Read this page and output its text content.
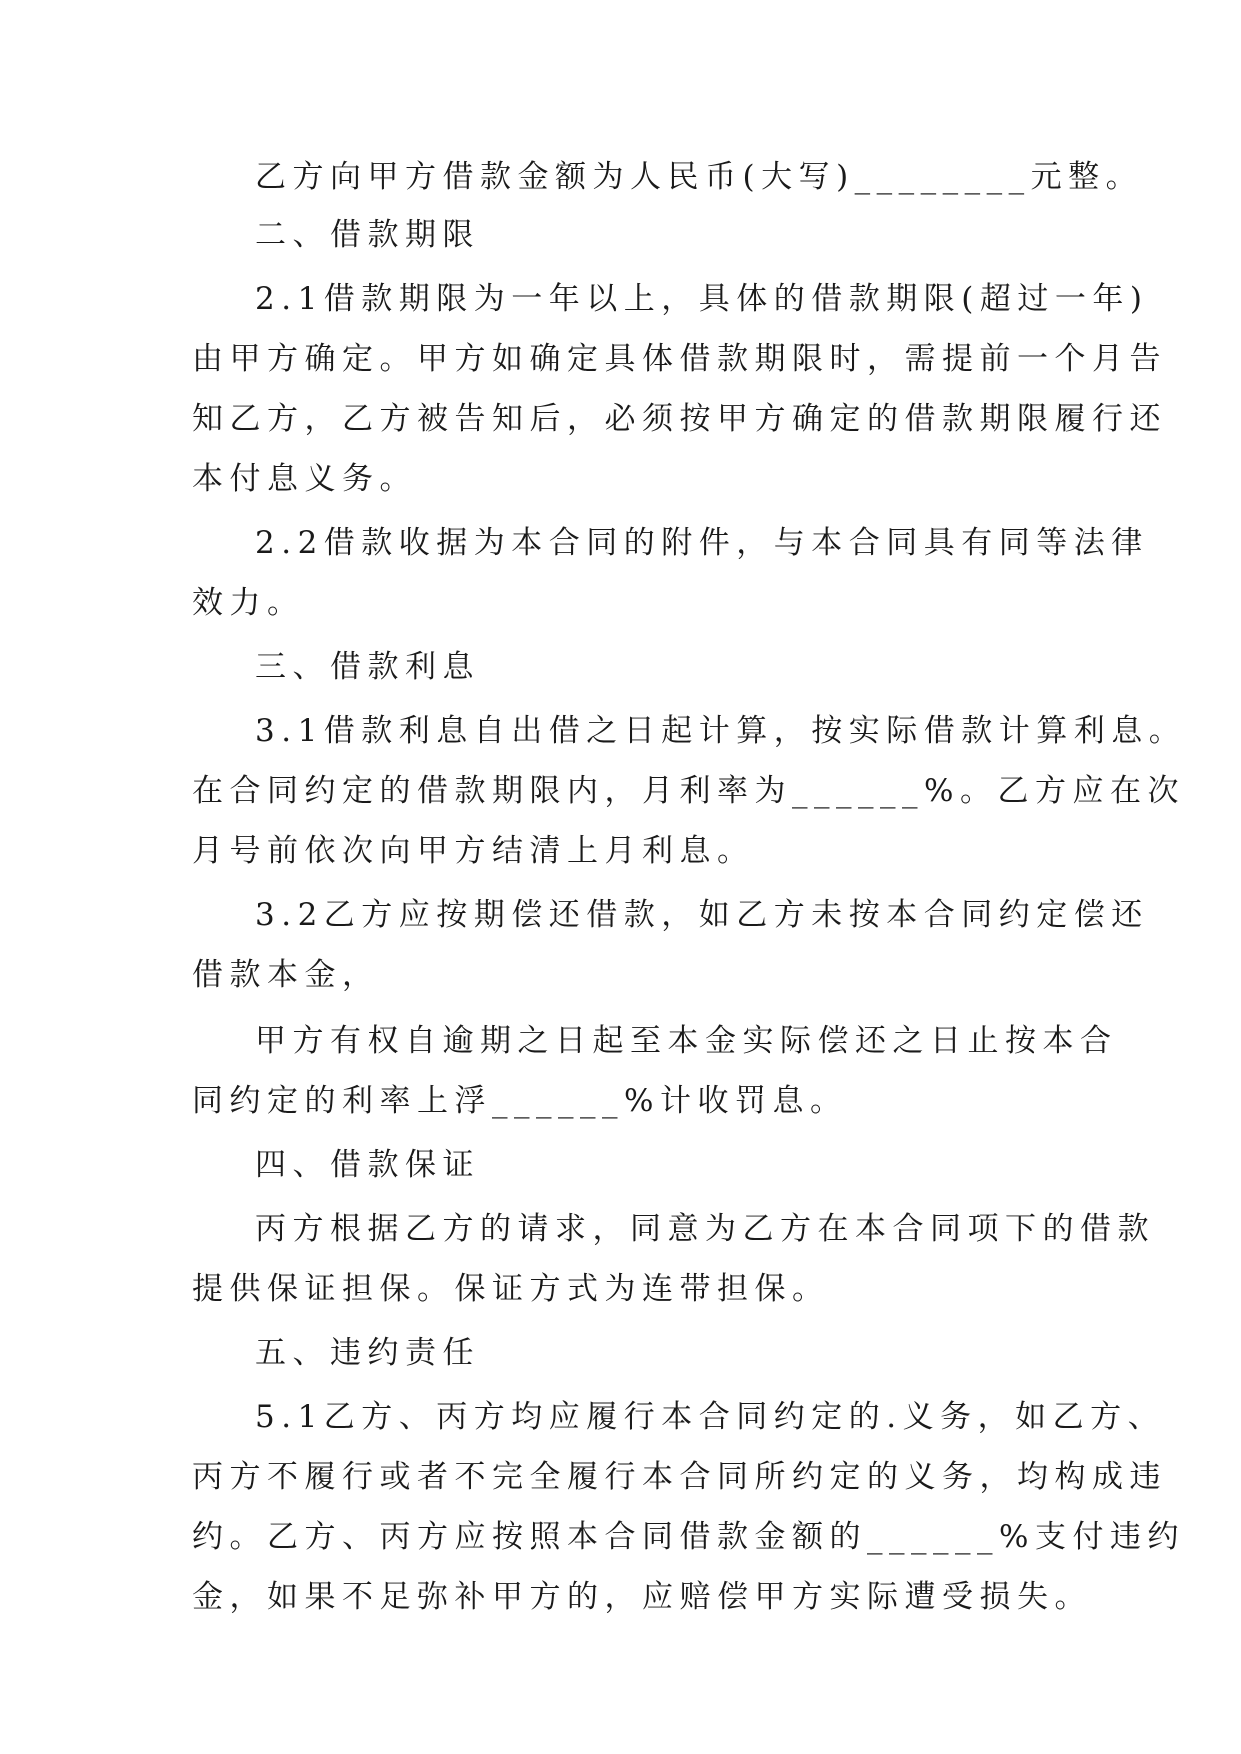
乙方向甲方借款金额为人民币(大写)________元整。
二、借款期限
2.1借款期限为一年以上，具体的借款期限(超过一年)
由甲方确定。甲方如确定具体借款期限时，需提前一个月告
知乙方，乙方被告知后，必须按甲方确定的借款期限履行还
本付息义务。
2.2借款收据为本合同的附件，与本合同具有同等法律
效力。
三、借款利息
3.1借款利息自出借之日起计算，按实际借款计算利息。
在合同约定的借款期限内，月利率为______%。乙方应在次
月号前依次向甲方结清上月利息。
3.2乙方应按期偿还借款，如乙方未按本合同约定偿还
借款本金，
甲方有权自逾期之日起至本金实际偿还之日止按本合
同约定的利率上浮______%计收罚息。
四、借款保证
丙方根据乙方的请求，同意为乙方在本合同项下的借款
提供保证担保。保证方式为连带担保。
五、违约责任
5.1乙方、丙方均应履行本合同约定的.义务，如乙方、
丙方不履行或者不完全履行本合同所约定的义务，均构成违
约。乙方、丙方应按照本合同借款金额的______%支付违约
金，如果不足弥补甲方的，应赔偿甲方实际遭受损失。
